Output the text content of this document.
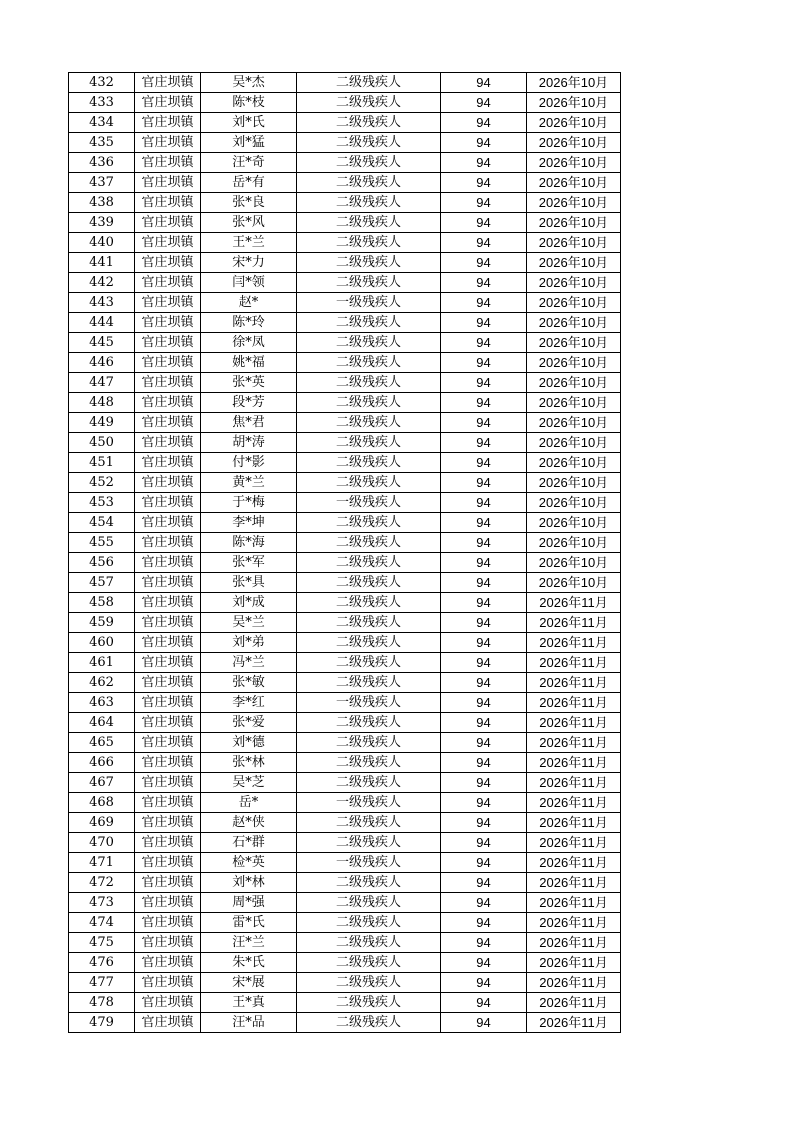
432	官庄坝镇	吴*杰	二级残疾人	94	2026年10月
433	官庄坝镇	陈*枝	二级残疾人	94	2026年10月
434	官庄坝镇	刘*氏	二级残疾人	94	2026年10月
435	官庄坝镇	刘*猛	二级残疾人	94	2026年10月
436	官庄坝镇	汪*奇	二级残疾人	94	2026年10月
437	官庄坝镇	岳*有	二级残疾人	94	2026年10月
438	官庄坝镇	张*良	二级残疾人	94	2026年10月
439	官庄坝镇	张*风	二级残疾人	94	2026年10月
440	官庄坝镇	王*兰	二级残疾人	94	2026年10月
441	官庄坝镇	宋*力	二级残疾人	94	2026年10月
442	官庄坝镇	闫*领	二级残疾人	94	2026年10月
443	官庄坝镇	赵*	一级残疾人	94	2026年10月
444	官庄坝镇	陈*玲	二级残疾人	94	2026年10月
445	官庄坝镇	徐*凤	二级残疾人	94	2026年10月
446	官庄坝镇	姚*福	二级残疾人	94	2026年10月
447	官庄坝镇	张*英	二级残疾人	94	2026年10月
448	官庄坝镇	段*芳	二级残疾人	94	2026年10月
449	官庄坝镇	焦*君	二级残疾人	94	2026年10月
450	官庄坝镇	胡*涛	二级残疾人	94	2026年10月
451	官庄坝镇	付*影	二级残疾人	94	2026年10月
452	官庄坝镇	黄*兰	二级残疾人	94	2026年10月
453	官庄坝镇	于*梅	一级残疾人	94	2026年10月
454	官庄坝镇	李*坤	二级残疾人	94	2026年10月
455	官庄坝镇	陈*海	二级残疾人	94	2026年10月
456	官庄坝镇	张*军	二级残疾人	94	2026年10月
457	官庄坝镇	张*具	二级残疾人	94	2026年10月
458	官庄坝镇	刘*成	二级残疾人	94	2026年11月
459	官庄坝镇	吴*兰	二级残疾人	94	2026年11月
460	官庄坝镇	刘*弟	二级残疾人	94	2026年11月
461	官庄坝镇	冯*兰	二级残疾人	94	2026年11月
462	官庄坝镇	张*敏	二级残疾人	94	2026年11月
463	官庄坝镇	李*红	一级残疾人	94	2026年11月
464	官庄坝镇	张*爱	二级残疾人	94	2026年11月
465	官庄坝镇	刘*德	二级残疾人	94	2026年11月
466	官庄坝镇	张*林	二级残疾人	94	2026年11月
467	官庄坝镇	吴*芝	二级残疾人	94	2026年11月
468	官庄坝镇	岳*	一级残疾人	94	2026年11月
469	官庄坝镇	赵*侠	二级残疾人	94	2026年11月
470	官庄坝镇	石*群	二级残疾人	94	2026年11月
471	官庄坝镇	检*英	一级残疾人	94	2026年11月
472	官庄坝镇	刘*林	二级残疾人	94	2026年11月
473	官庄坝镇	周*强	二级残疾人	94	2026年11月
474	官庄坝镇	雷*氏	二级残疾人	94	2026年11月
475	官庄坝镇	汪*兰	二级残疾人	94	2026年11月
476	官庄坝镇	朱*氏	二级残疾人	94	2026年11月
477	官庄坝镇	宋*展	二级残疾人	94	2026年11月
478	官庄坝镇	王*真	二级残疾人	94	2026年11月
479	官庄坝镇	汪*品	二级残疾人	94	2026年11月
